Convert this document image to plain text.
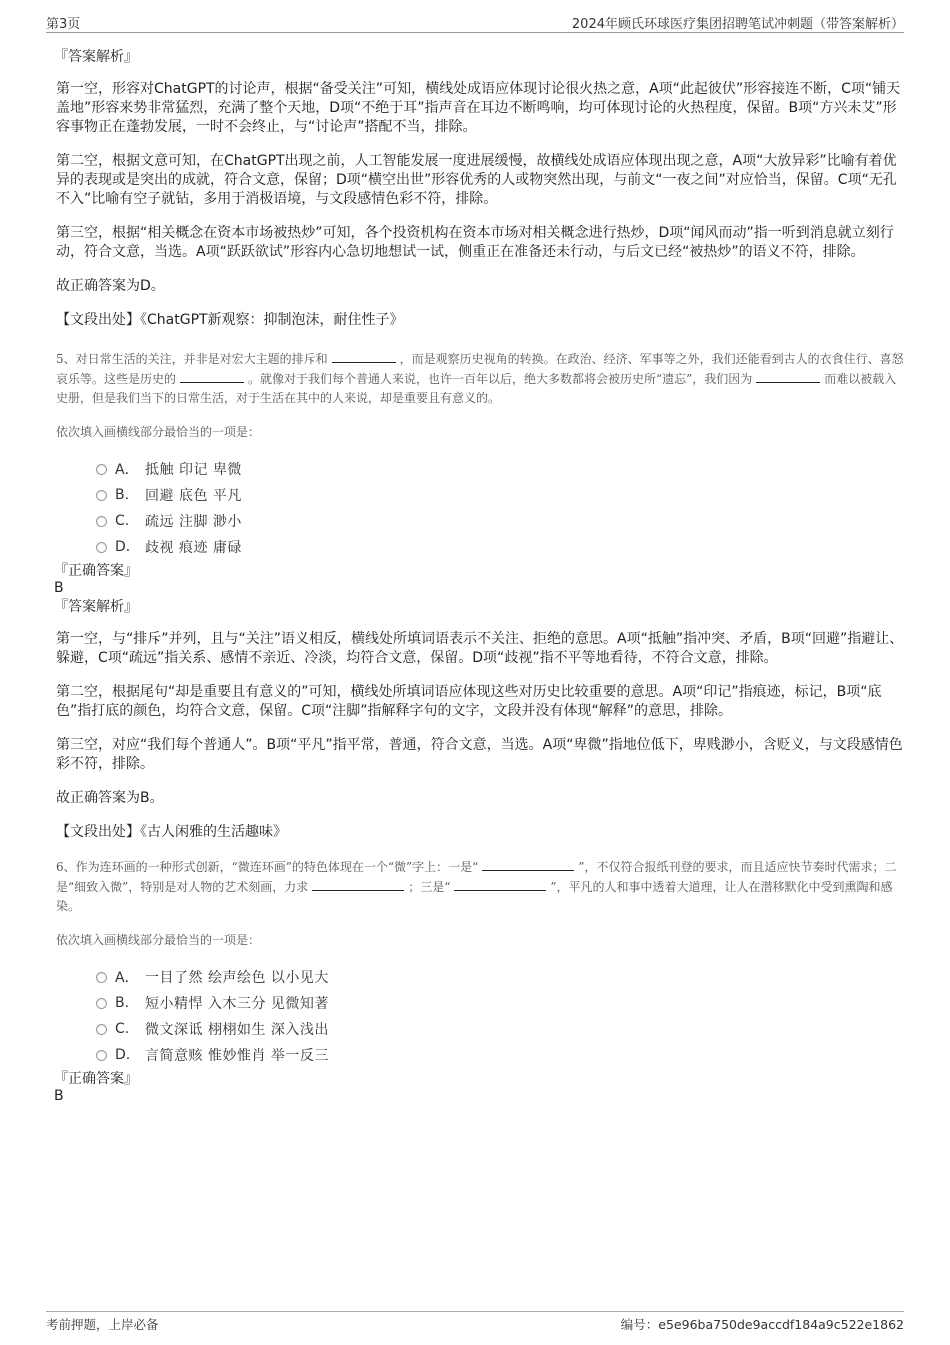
第3页	2024年顾氏环球医疗集团招聘笔试冲刺题（带答案解析）
『答案解析』

第一空，形容对ChatGPT的讨论声，根据“备受关注”可知，横线处成语应体现讨论很火热之意，A项“此起彼伏”形容接连不断，C项“铺天盖地”形容来势非常猛烈，充满了整个天地，D项“不绝于耳”指声音在耳边不断鸣响，均可体现讨论的火热程度，保留。B项“方兴未艾”形容事物正在蓬勃发展，一时不会终止，与“讨论声”搭配不当，排除。

第二空，根据文意可知，在ChatGPT出现之前，人工智能发展一度进展缓慢，故横线处成语应体现出现之意，A项“大放异彩”比喻有着优异的表现或是突出的成就，符合文意，保留；D项“横空出世”形容优秀的人或物突然出现，与前文“一夜之间”对应恰当，保留。C项“无孔不入”比喻有空子就钻，多用于消极语境，与文段感情色彩不符，排除。

第三空，根据“相关概念在资本市场被热炒”可知，各个投资机构在资本市场对相关概念进行热炒，D项“闻风而动”指一听到消息就立刻行动，符合文意，当选。A项“跃跃欲试”形容内心急切地想试一试，侧重正在准备还未行动，与后文已经“被热炒”的语义不符，排除。

故正确答案为D。

【文段出处】《ChatGPT新观察：抑制泡沫，耐住性子》

5、对日常生活的关注，并非是对宏大主题的排斥和	，而是观察历史视角的转换。在政治、经济、军事等之外，我们还能看到古人的衣食住行、喜怒哀乐等。这些是历史的	。就像对于我们每个普通人来说，也许一百年以后，绝大多数都将会被历史所“遗忘”，我们因为	而难以被载入史册，但是我们当下的日常生活，对于生活在其中的人来说，却是重要且有意义的。
依次填入画横线部分最恰当的一项是：
A． 抵触 印记 卑微
B.	回避 底色 平凡
C.	疏远 注脚 渺小
D.	歧视 痕迹 庸碌
『正确答案』
B
『答案解析』

第一空，与“排斥”并列，且与“关注”语义相反，横线处所填词语表示不关注、拒绝的意思。A项“抵触”指冲突、矛盾，B项“回避”指避让、躲避，C项“疏远”指关系、感情不亲近、冷淡，均符合文意，保留。D项“歧视”指不平等地看待，不符合文意，排除。

第二空，根据尾句“却是重要且有意义的”可知，横线处所填词语应体现这些对历史比较重要的意思。A项“印记”指痕迹，标记，B项“底色”指打底的颜色，均符合文意，保留。C项“注脚”指解释字句的文字，文段并没有体现“解释”的意思，排除。

第三空，对应“我们每个普通人”。B项“平凡”指平常，普通，符合文意，当选。A项“卑微”指地位低下，卑贱渺小，含贬义，与文段感情色彩不符，排除。

故正确答案为B。

【文段出处】《古人闲雅的生活趣味》

6、作为连环画的一种形式创新，“微连环画”的特色体现在一个“微”字上：一是“	”，不仅符合报纸刊登的要求，而且适应快节奏时代需求；二是“细致入微”，特别是对人物的艺术刻画，力求	；三是“	”，平凡的人和事中透着大道理，让人在潜移默化中受到熏陶和感染。
依次填入画横线部分最恰当的一项是：
A． 一目了然 绘声绘色 以小见大
B.	短小精悍 入木三分 见微知著
C.	微文深诋 栩栩如生 深入浅出
D.	言简意赅 惟妙惟肖 举一反三
『正确答案』
B
考前押题，上岸必备	编号：e5e96ba750de9accdf184a9c522e1862
